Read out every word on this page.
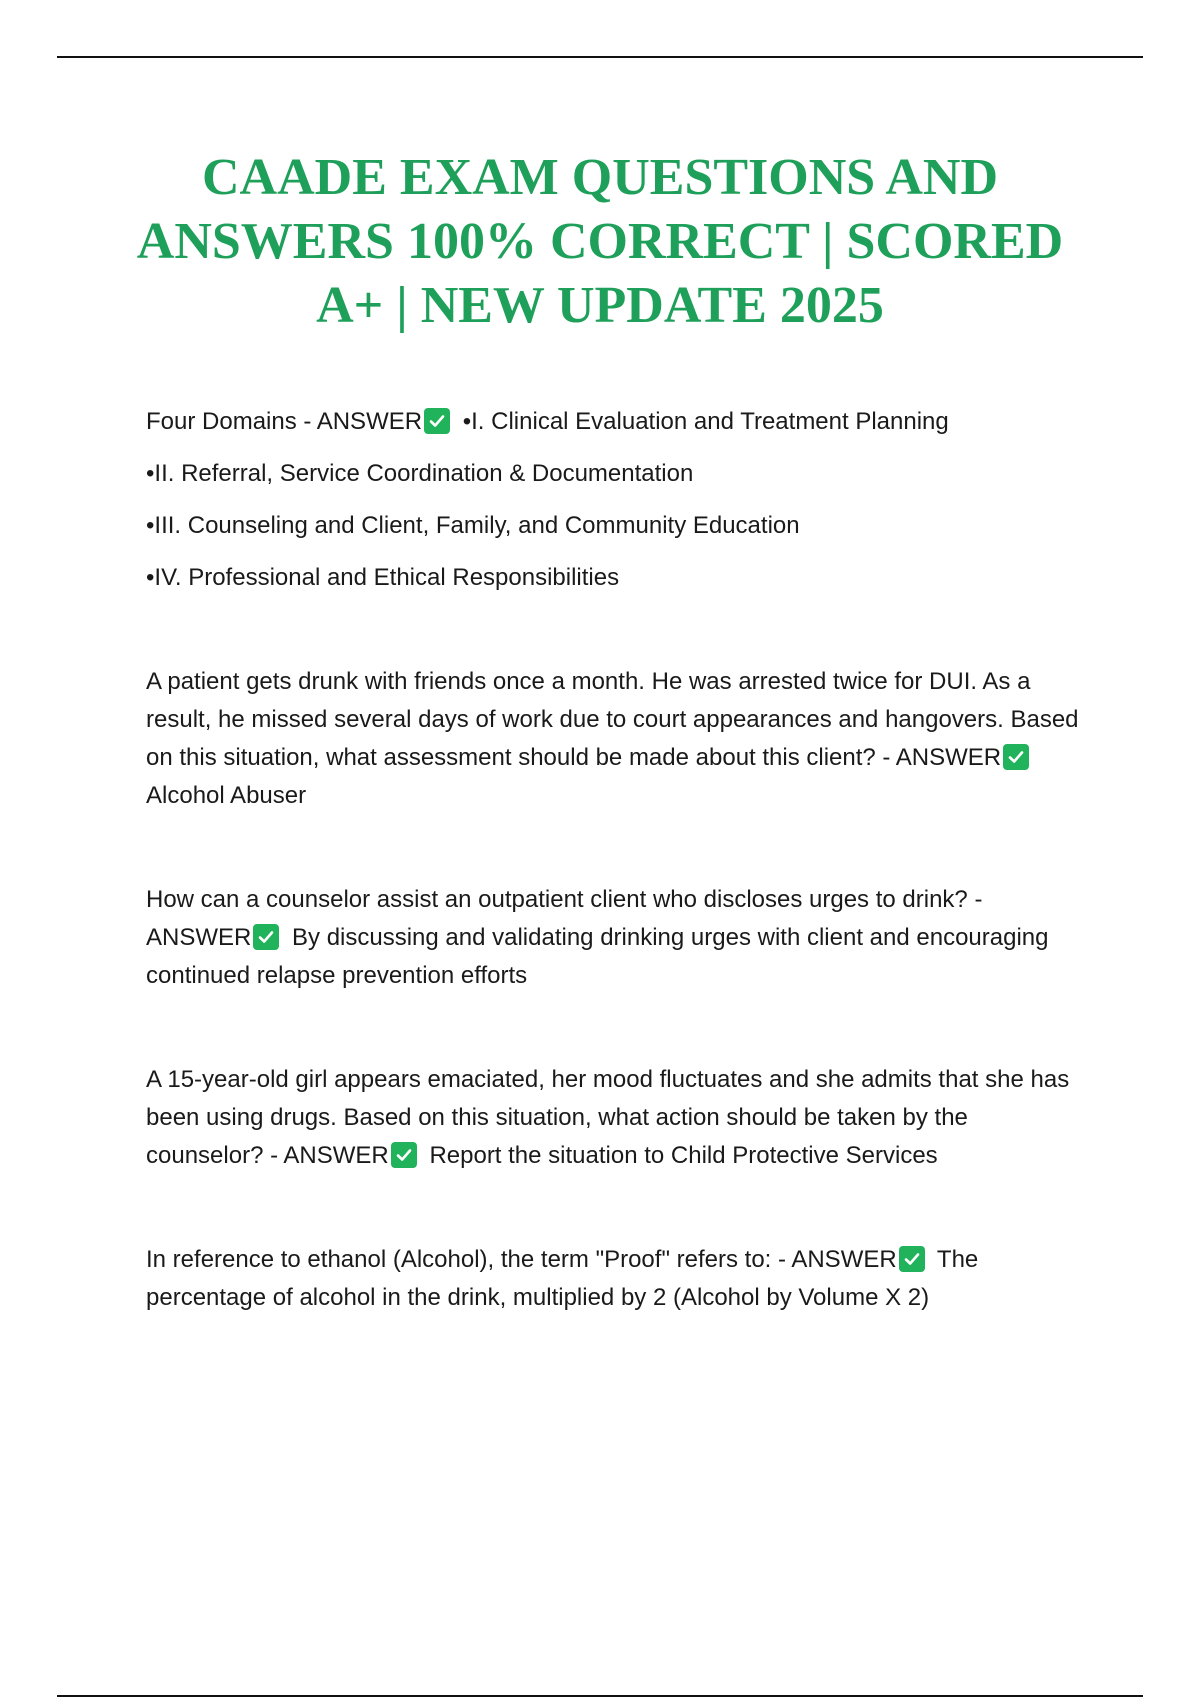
CAADE EXAM QUESTIONS AND ANSWERS 100% CORRECT | SCORED A+ | NEW UPDATE 2025

Four Domains - ANSWER •I. Clinical Evaluation and Treatment Planning

•II. Referral, Service Coordination & Documentation

•III. Counseling and Client, Family, and Community Education

•IV. Professional and Ethical Responsibilities

A patient gets drunk with friends once a month. He was arrested twice for DUI. As a result, he missed several days of work due to court appearances and hangovers. Based on this situation, what assessment should be made about this client? - ANSWER
Alcohol Abuser

How can a counselor assist an outpatient client who discloses urges to drink? - ANSWER By discussing and validating drinking urges with client and encouraging continued relapse prevention efforts

A 15-year-old girl appears emaciated, her mood fluctuates and she admits that she has been using drugs. Based on this situation, what action should be taken by the counselor? - ANSWER Report the situation to Child Protective Services

In reference to ethanol (Alcohol), the term "Proof" refers to: - ANSWER The percentage of alcohol in the drink, multiplied by 2 (Alcohol by Volume X 2)
